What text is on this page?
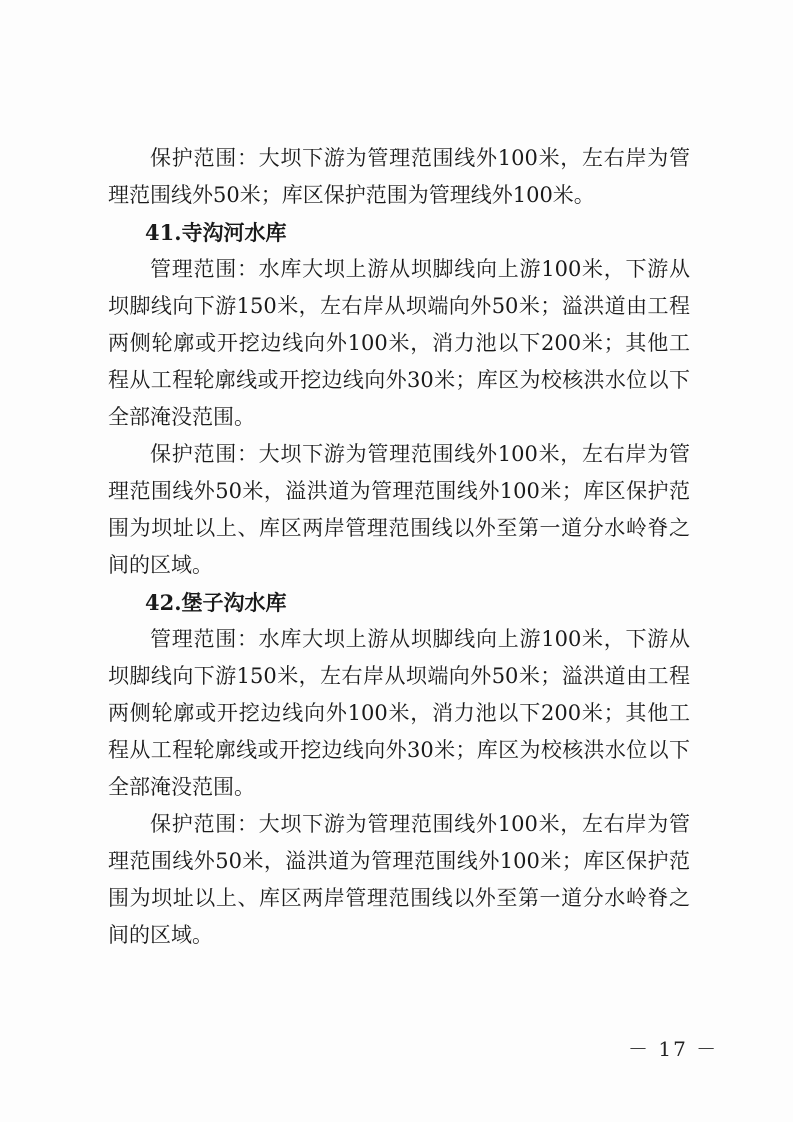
保护范围：大坝下游为管理范围线外100米，左右岸为管理范围线外50米；库区保护范围为管理线外100米。

41.寺沟河水库

管理范围：水库大坝上游从坝脚线向上游100米，下游从坝脚线向下游150米，左右岸从坝端向外50米；溢洪道由工程两侧轮廓或开挖边线向外100米，消力池以下200米；其他工程从工程轮廓线或开挖边线向外30米；库区为校核洪水位以下全部淹没范围。

保护范围：大坝下游为管理范围线外100米，左右岸为管理范围线外50米，溢洪道为管理范围线外100米；库区保护范围为坝址以上、库区两岸管理范围线以外至第一道分水岭脊之间的区域。

42.堡子沟水库

管理范围：水库大坝上游从坝脚线向上游100米，下游从坝脚线向下游150米，左右岸从坝端向外50米；溢洪道由工程两侧轮廓或开挖边线向外100米，消力池以下200米；其他工程从工程轮廓线或开挖边线向外30米；库区为校核洪水位以下全部淹没范围。

保护范围：大坝下游为管理范围线外100米，左右岸为管理范围线外50米，溢洪道为管理范围线外100米；库区保护范围为坝址以上、库区两岸管理范围线以外至第一道分水岭脊之间的区域。

－ 17 －
